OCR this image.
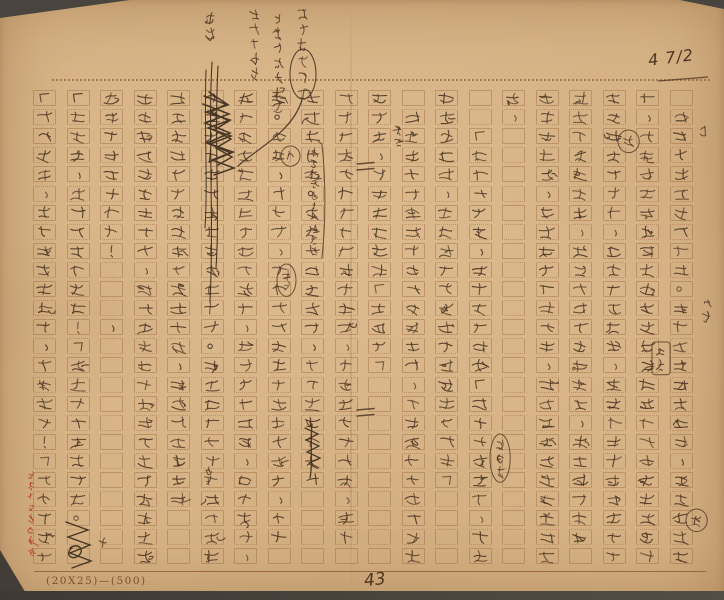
4 7/2
43
(20X25)—(500)
